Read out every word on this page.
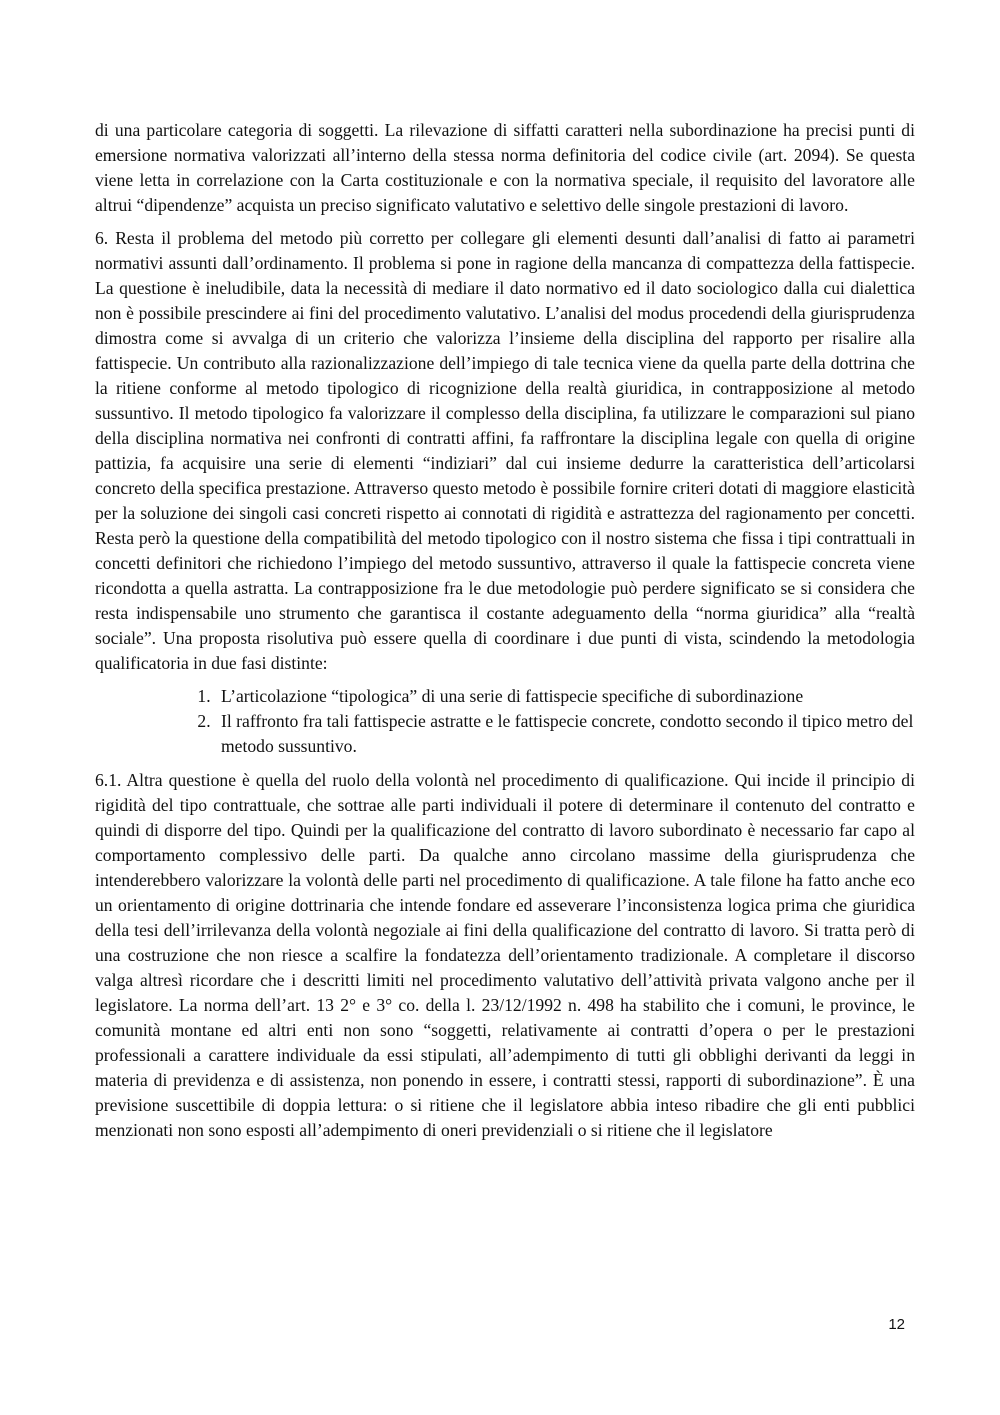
di una particolare categoria di soggetti. La rilevazione di siffatti caratteri nella subordinazione ha precisi punti di emersione normativa valorizzati all’interno della stessa norma definitoria del codice civile (art. 2094). Se questa viene letta in correlazione con la Carta costituzionale e con la normativa speciale, il requisito del lavoratore alle altrui “dipendenze” acquista un preciso significato valutativo e selettivo delle singole prestazioni di lavoro.

6. Resta il problema del metodo più corretto per collegare gli elementi desunti dall’analisi di fatto ai parametri normativi assunti dall’ordinamento. Il problema si pone in ragione della mancanza di compattezza della fattispecie. La questione è ineludibile, data la necessità di mediare il dato normativo ed il dato sociologico dalla cui dialettica non è possibile prescindere ai fini del procedimento valutativo. L’analisi del modus procedendi della giurisprudenza dimostra come si avvalga di un criterio che valorizza l’insieme della disciplina del rapporto per risalire alla fattispecie. Un contributo alla razionalizzazione dell’impiego di tale tecnica viene da quella parte della dottrina che la ritiene conforme al metodo tipologico di ricognizione della realtà giuridica, in contrapposizione al metodo sussuntivo. Il metodo tipologico fa valorizzare il complesso della disciplina, fa utilizzare le comparazioni sul piano della disciplina normativa nei confronti di contratti affini, fa raffrontare la disciplina legale con quella di origine pattizia, fa acquisire una serie di elementi “indiziari” dal cui insieme dedurre la caratteristica dell’articolarsi concreto della specifica prestazione. Attraverso questo metodo è possibile fornire criteri dotati di maggiore elasticità per la soluzione dei singoli casi concreti rispetto ai connotati di rigidità e astrattezza del ragionamento per concetti. Resta però la questione della compatibilità del metodo tipologico con il nostro sistema che fissa i tipi contrattuali in concetti definitori che richiedono l’impiego del metodo sussuntivo, attraverso il quale la fattispecie concreta viene ricondotta a quella astratta. La contrapposizione fra le due metodologie può perdere significato se si considera che resta indispensabile uno strumento che garantisca il costante adeguamento della “norma giuridica” alla “realtà sociale”. Una proposta risolutiva può essere quella di coordinare i due punti di vista, scindendo la metodologia qualificatoria in due fasi distinte:

1. L’articolazione “tipologica” di una serie di fattispecie specifiche di subordinazione
2. Il raffronto fra tali fattispecie astratte e le fattispecie concrete, condotto secondo il tipico metro del metodo sussuntivo.

6.1. Altra questione è quella del ruolo della volontà nel procedimento di qualificazione. Qui incide il principio di rigidità del tipo contrattuale, che sottrae alle parti individuali il potere di determinare il contenuto del contratto e quindi di disporre del tipo. Quindi per la qualificazione del contratto di lavoro subordinato è necessario far capo al comportamento complessivo delle parti. Da qualche anno circolano massime della giurisprudenza che intenderebbero valorizzare la volontà delle parti nel procedimento di qualificazione. A tale filone ha fatto anche eco un orientamento di origine dottrinaria che intende fondare ed asseverare l’inconsistenza logica prima che giuridica della tesi dell’irrilevanza della volontà negoziale ai fini della qualificazione del contratto di lavoro. Si tratta però di una costruzione che non riesce a scalfire la fondatezza dell’orientamento tradizionale. A completare il discorso valga altresì ricordare che i descritti limiti nel procedimento valutativo dell’attività privata valgono anche per il legislatore. La norma dell’art. 13 2° e 3° co. della l. 23/12/1992 n. 498 ha stabilito che i comuni, le province, le comunità montane ed altri enti non sono “soggetti, relativamente ai contratti d’opera o per le prestazioni professionali a carattere individuale da essi stipulati, all’adempimento di tutti gli obblighi derivanti da leggi in materia di previdenza e di assistenza, non ponendo in essere, i contratti stessi, rapporti di subordinazione”. È una previsione suscettibile di doppia lettura: o si ritiene che il legislatore abbia inteso ribadire che gli enti pubblici menzionati non sono esposti all’adempimento di oneri previdenziali o si ritiene che il legislatore

12
